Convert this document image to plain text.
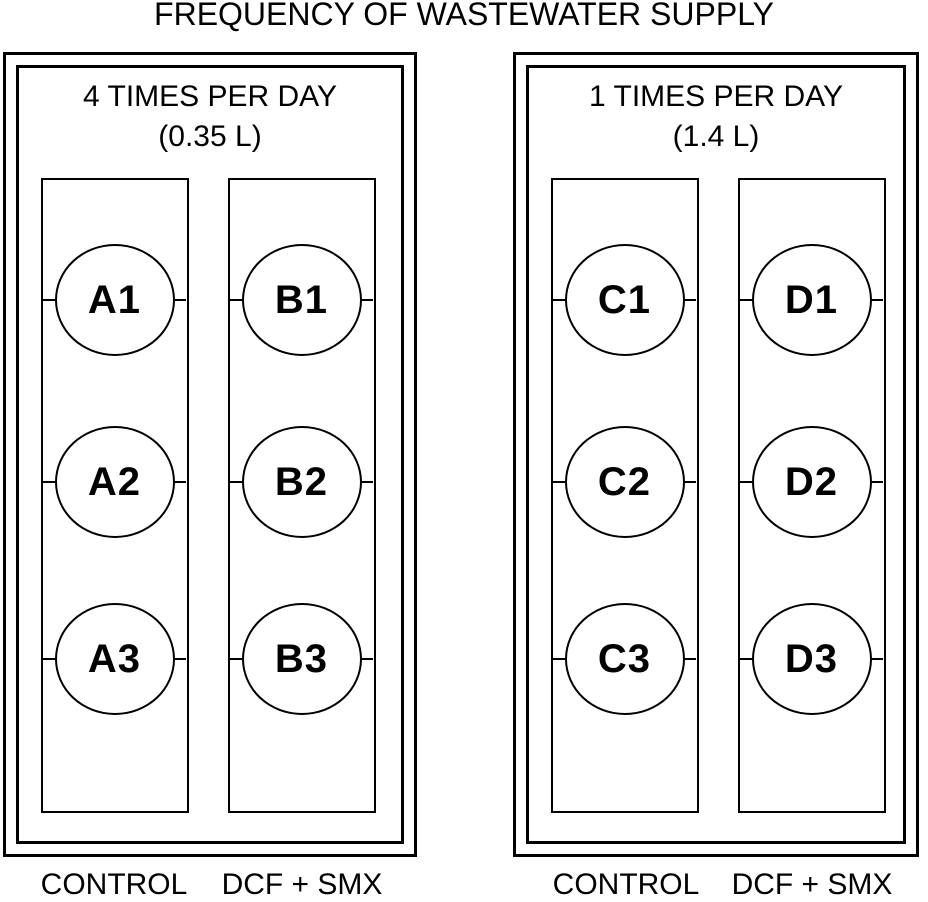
FREQUENCY OF WASTEWATER SUPPLY
4 TIMES PER DAY
(0.35 L)
A1
A2
A3
B1
B2
B3
1 TIMES PER DAY
(1.4 L)
C1
C2
C3
D1
D2
D3
CONTROL	DCF + SMX	CONTROL	DCF + SMX
